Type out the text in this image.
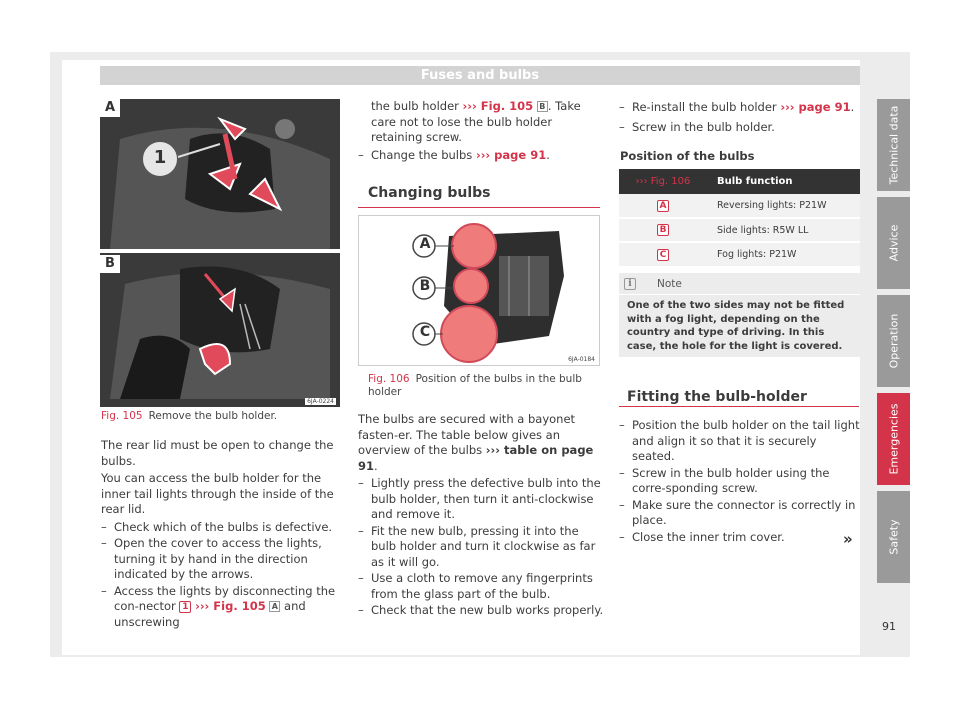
Fuses and bulbs
A
B
1
6JA-0224
Fig. 105 Remove the bulb holder.

The rear lid must be open to change the bulbs.

You can access the bulb holder for the inner tail lights through the inside of the rear lid.

– Check which of the bulbs is defective.
– Open the cover to access the lights, turning it by hand in the direction indicated by the arrows.
– Access the lights by disconnecting the con-nector 1 ››› Fig. 105 A and unscrewing

the bulb holder ››› Fig. 105 B . Take care not to lose the bulb holder retaining screw.

– Change the bulbs ››› page 91.
Changing bulbs
A
B
C
6JA-0184
Fig. 106 Position of the bulbs in the bulb holder

The bulbs are secured with a bayonet fasten-er. The table below gives an overview of the bulbs ››› table on page 91.

– Lightly press the defective bulb into the bulb holder, then turn it anti-clockwise and remove it.
– Fit the new bulb, pressing it into the bulb holder and turn it clockwise as far as it will go.
– Use a cloth to remove any fingerprints from the glass part of the bulb.
– Check that the new bulb works properly.
– Re-install the bulb holder ››› page 91.
– Screw in the bulb holder.
Position of the bulbs
››› Fig. 106	Bulb function
A	Reversing lights: P21W
B	Side lights: R5W LL
C	Fog lights: P21W
i	Note
One of the two sides may not be fitted with a fog light, depending on the country and type of driving. In this case, the hole for the light is covered.
Fitting the bulb-holder
– Position the bulb holder on the tail light and align it so that it is securely seated.
– Screw in the bulb holder using the corre-sponding screw.
– Make sure the connector is correctly in place.
– Close the inner trim cover.	»
Technical data
Advice
Operation
Emergencies
Safety
91
